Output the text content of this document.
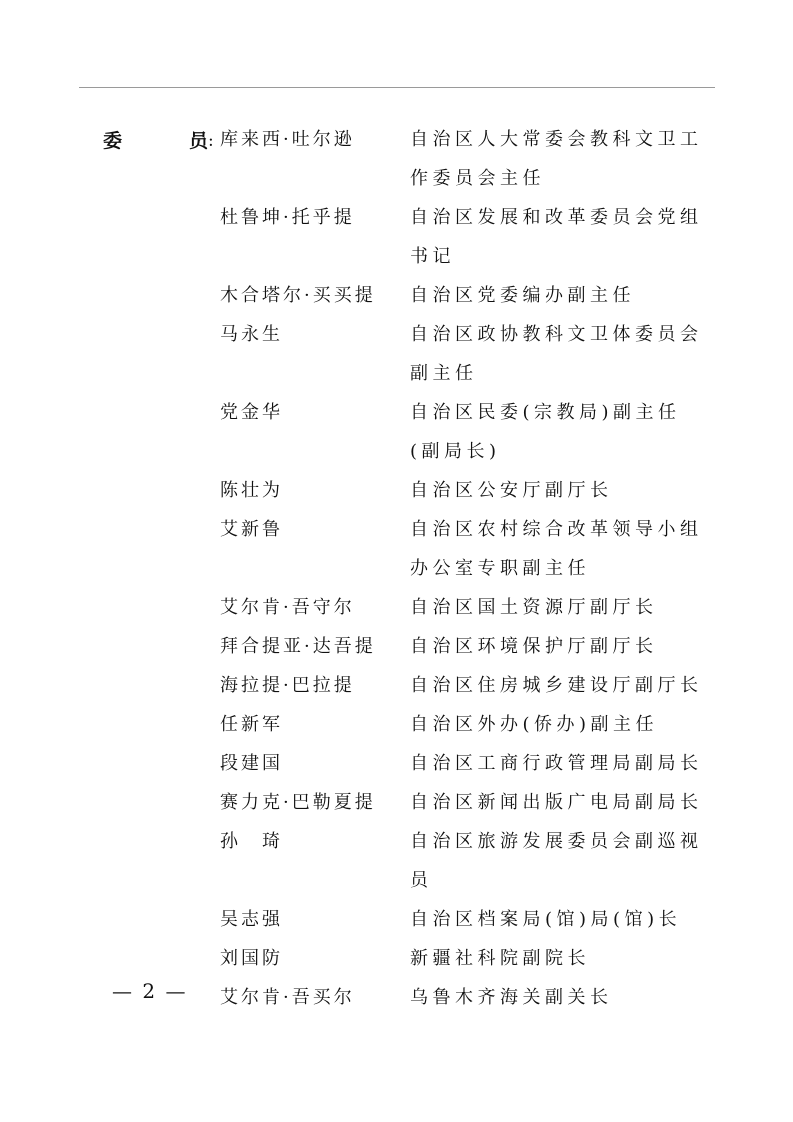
委	员 : 库来西·吐尔逊	自治区人大常委会教科文卫工作委员会主任
杜鲁坤·托乎提	自治区发展和改革委员会党组书记
木合塔尔·买买提	自治区党委编办副主任
马永生	自治区政协教科文卫体委员会副主任
党金华	自治区民委(宗教局)副主任(副局长)
陈壮为	自治区公安厅副厅长
艾新鲁	自治区农村综合改革领导小组办公室专职副主任
艾尔肯·吾守尔	自治区国土资源厅副厅长
拜合提亚·达吾提	自治区环境保护厅副厅长
海拉提·巴拉提	自治区住房城乡建设厅副厅长
任新军	自治区外办(侨办)副主任
段建国	自治区工商行政管理局副局长
赛力克·巴勒夏提	自治区新闻出版广电局副局长
孙　琦	自治区旅游发展委员会副巡视员
吴志强	自治区档案局(馆)局(馆)长
刘国防	新疆社科院副院长
艾尔肯·吾买尔	乌鲁木齐海关副关长
— 2 —
